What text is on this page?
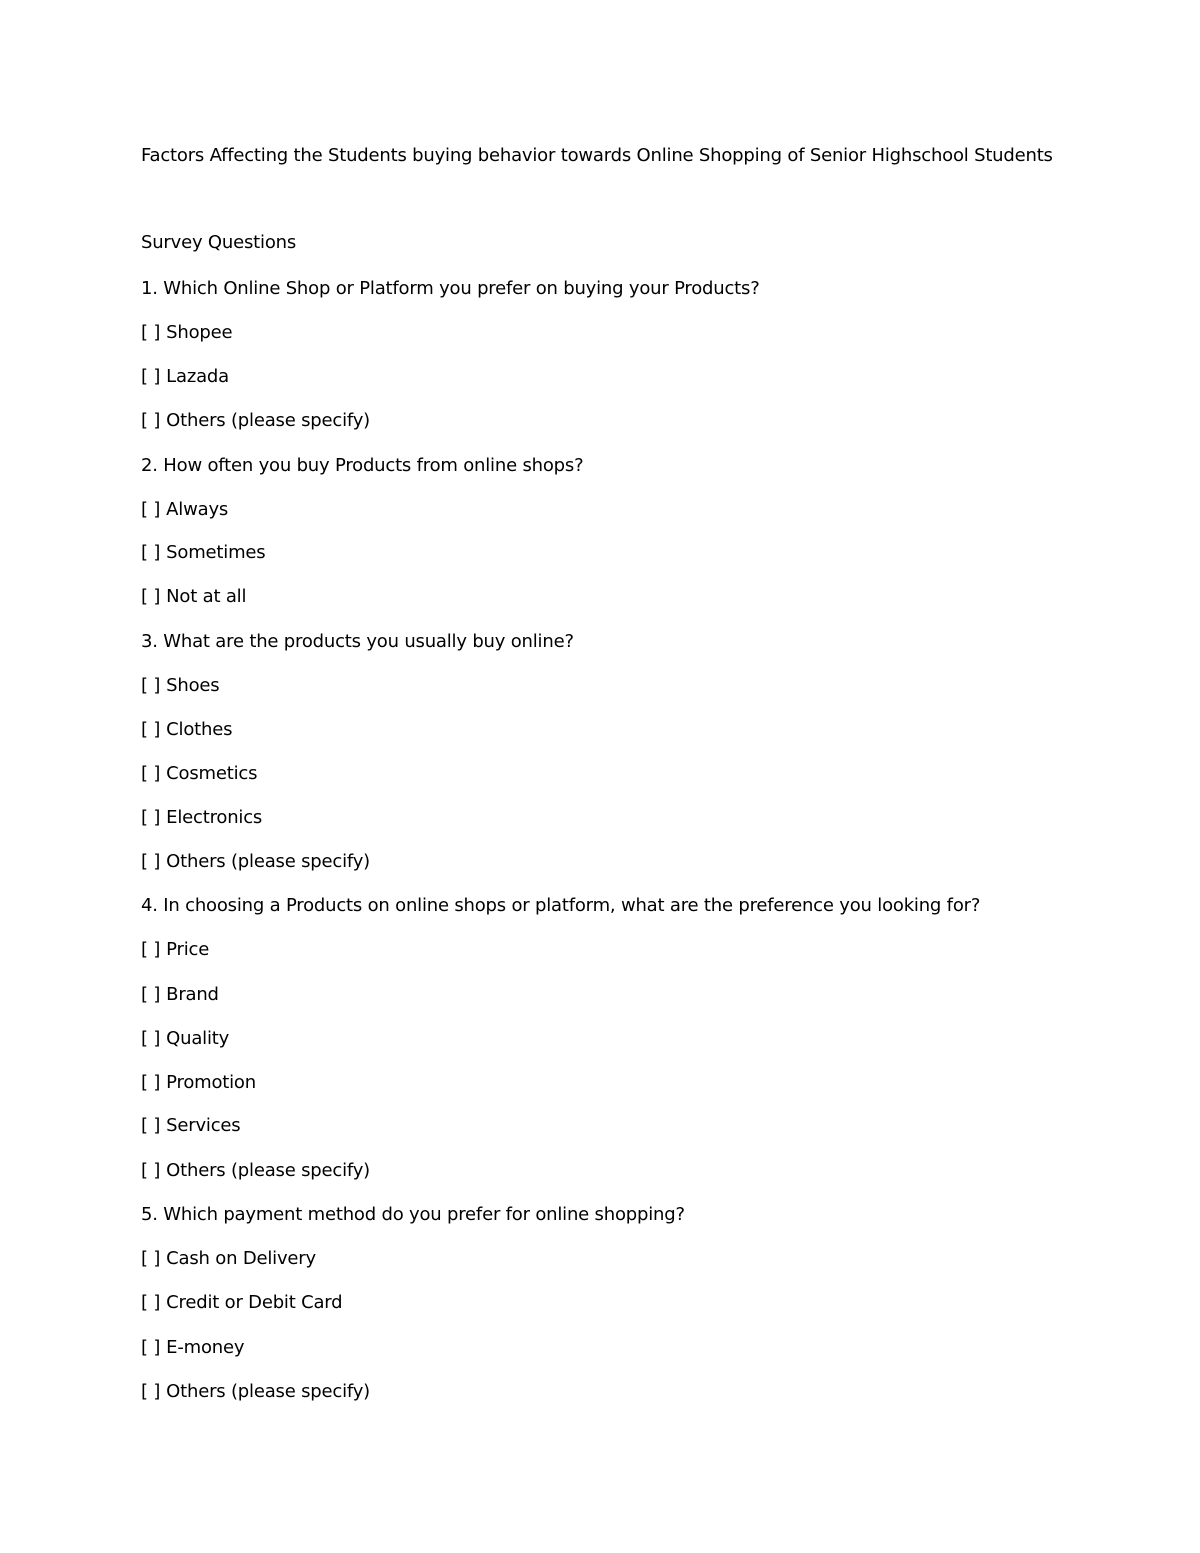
Factors Affecting the Students buying behavior towards Online Shopping of Senior Highschool Students
Survey Questions
1. Which Online Shop or Platform you prefer on buying your Products?
[ ] Shopee
[ ] Lazada
[ ] Others (please specify)
2. How often you buy Products from online shops?
[ ] Always
[ ] Sometimes
[ ] Not at all
3. What are the products you usually buy online?
[ ] Shoes
[ ] Clothes
[ ] Cosmetics
[ ] Electronics
[ ] Others (please specify)
4. In choosing a Products on online shops or platform, what are the preference you looking for?
[ ] Price
[ ] Brand
[ ] Quality
[ ] Promotion
[ ] Services
[ ] Others (please specify)
5. Which payment method do you prefer for online shopping?
[ ] Cash on Delivery
[ ] Credit or Debit Card
[ ] E-money
[ ] Others (please specify)
